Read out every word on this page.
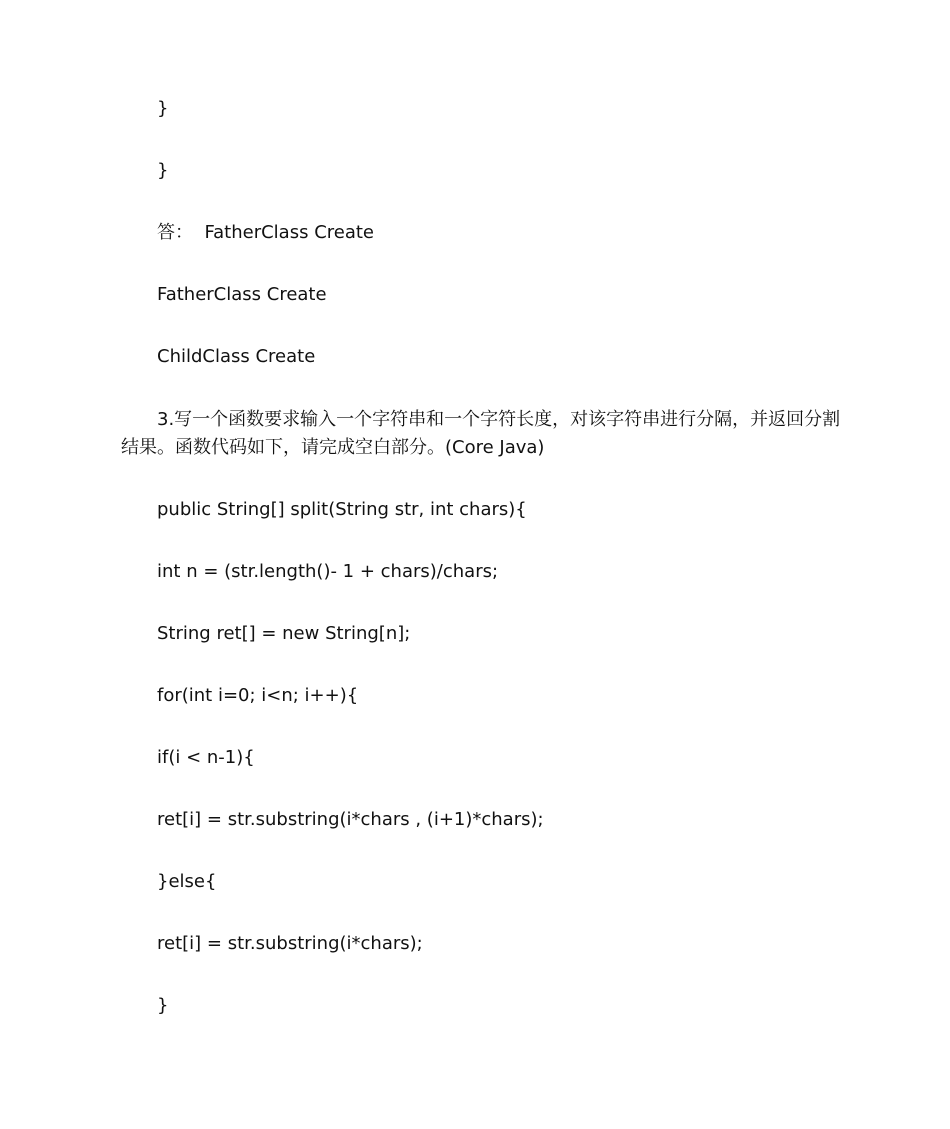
}
}
答：  FatherClass Create
FatherClass Create
ChildClass Create
3.写一个函数要求输入一个字符串和一个字符长度，对该字符串进行分隔，并返回分割结果。函数代码如下，请完成空白部分。(Core Java)
public String[] split(String str, int chars){
int n = (str.length()- 1 + chars)/chars;
String ret[] = new String[n];
for(int i=0; i<n; i++){
if(i < n-1){
ret[i] = str.substring(i*chars , (i+1)*chars);
}else{
ret[i] = str.substring(i*chars);
}
